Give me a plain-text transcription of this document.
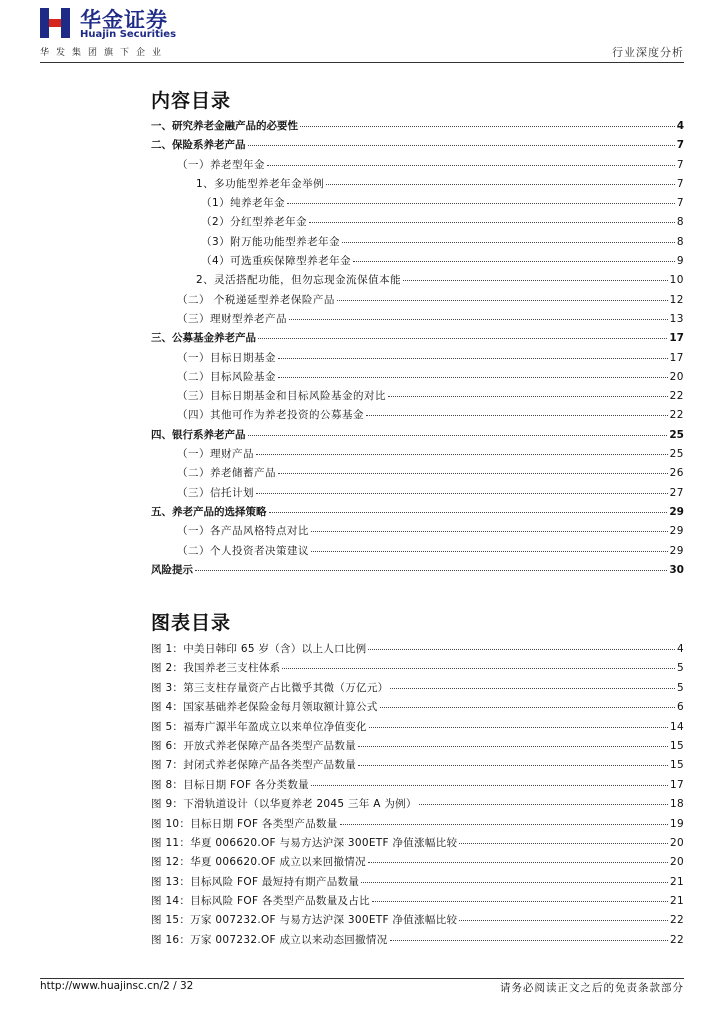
华金证券
Huajin Securities
华发集团旗下企业	行业深度分析
内容目录
一、研究养老金融产品的必要性	4
二、保险系养老产品	7
（一）养老型年金	7
1、多功能型养老年金举例	7
（1）纯养老年金	7
（2）分红型养老年金	8
（3）附万能功能型养老年金	8
（4）可选重疾保障型养老年金	9
2、灵活搭配功能，但勿忘现金流保值本能	10
（二） 个税递延型养老保险产品	12
（三）理财型养老产品	13
三、公募基金养老产品	17
（一）目标日期基金	17
（二）目标风险基金	20
（三）目标日期基金和目标风险基金的对比	22
（四）其他可作为养老投资的公募基金	22
四、银行系养老产品	25
（一）理财产品	25
（二）养老储蓄产品	26
（三）信托计划	27
五、养老产品的选择策略	29
（一）各产品风格特点对比	29
（二）个人投资者决策建议	29
风险提示	30
图表目录
图 1：中美日韩印 65 岁（含）以上人口比例	4
图 2：我国养老三支柱体系	5
图 3：第三支柱存量资产占比微乎其微（万亿元）	5
图 4：国家基础养老保险金每月领取额计算公式	6
图 5：福寿广源半年盈成立以来单位净值变化	14
图 6：开放式养老保障产品各类型产品数量	15
图 7：封闭式养老保障产品各类型产品数量	15
图 8：目标日期 FOF 各分类数量	17
图 9：下滑轨道设计（以华夏养老 2045 三年 A 为例）	18
图 10：目标日期 FOF 各类型产品数量	19
图 11：华夏 006620.OF 与易方达沪深 300ETF 净值涨幅比较	20
图 12：华夏 006620.OF 成立以来回撤情况	20
图 13：目标风险 FOF 最短持有期产品数量	21
图 14：目标风险 FOF 各类型产品数量及占比	21
图 15：万家 007232.OF 与易方达沪深 300ETF 净值涨幅比较	22
图 16：万家 007232.OF 成立以来动态回撤情况	22
http://www.huajinsc.cn/2 / 32	请务必阅读正文之后的免责条款部分
